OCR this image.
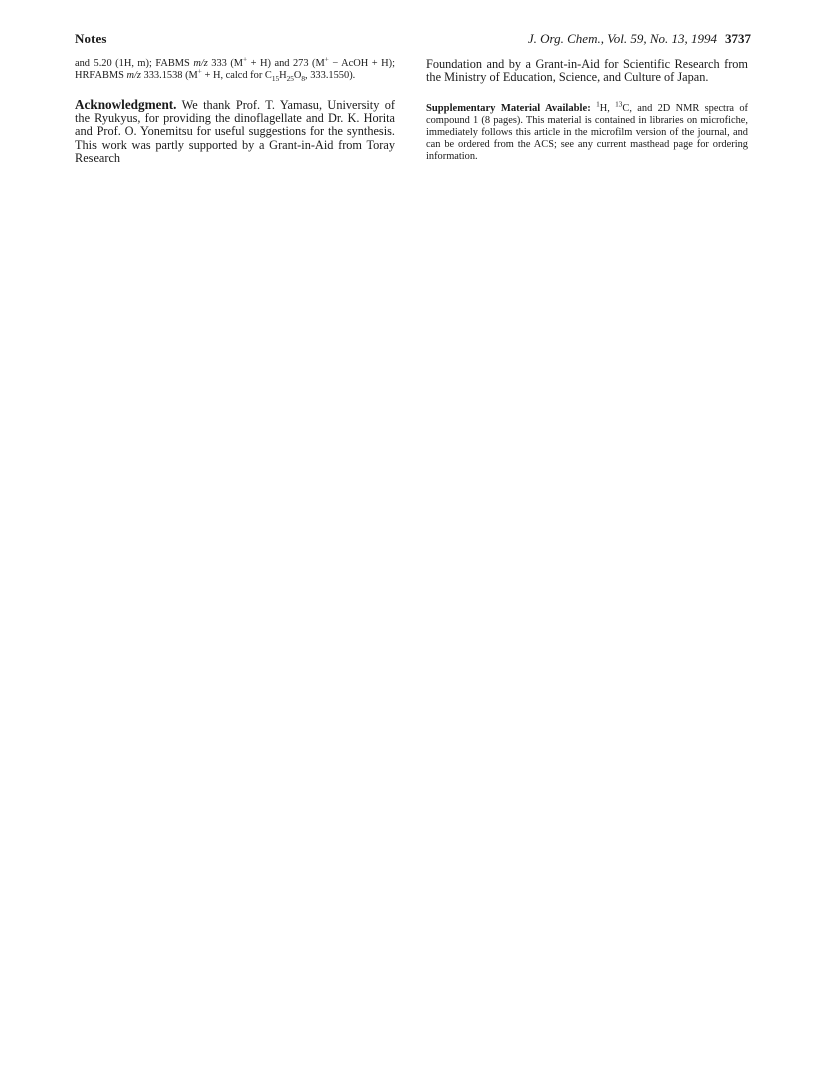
Notes	J. Org. Chem., Vol. 59, No. 13, 1994 3737

and 5.20 (1H, m); FABMS m/z 333 (M+ + H) and 273 (M+ − AcOH + H); HRFABMS m/z 333.1538 (M+ + H, calcd for $C_{15}H_{25}O_8$, 333.1550).

Acknowledgment. We thank Prof. T. Yamasu, University of the Ryukyus, for providing the dinoflagellate and Dr. K. Horita and Prof. O. Yonemitsu for useful suggestions for the synthesis. This work was partly supported by a Grant-in-Aid from Toray Research

Foundation and by a Grant-in-Aid for Scientific Research from the Ministry of Education, Science, and Culture of Japan.

Supplementary Material Available: $^1$H, $^{13}$C, and 2D NMR spectra of compound 1 (8 pages). This material is contained in libraries on microfiche, immediately follows this article in the microfilm version of the journal, and can be ordered from the ACS; see any current masthead page for ordering information.
